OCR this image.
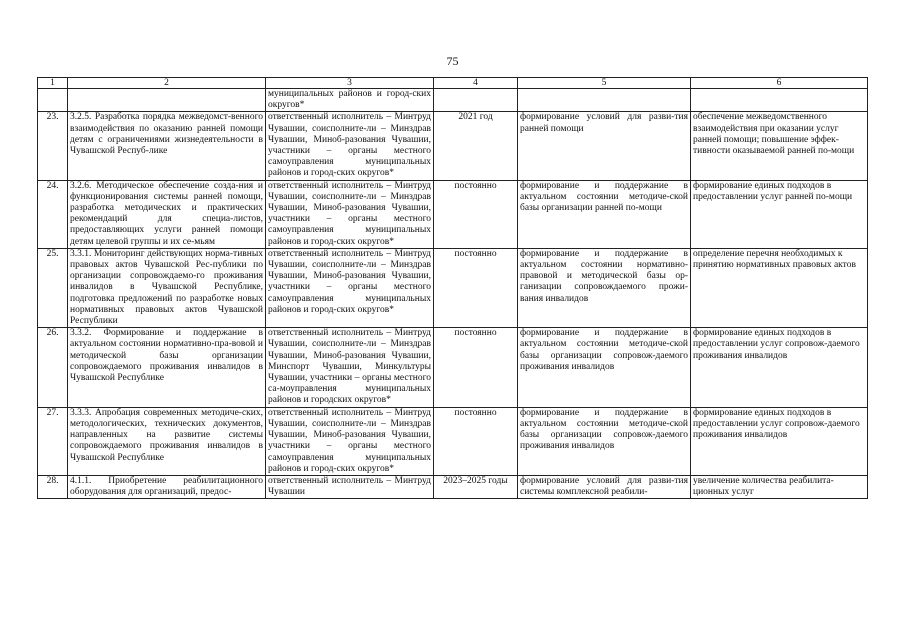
75
1	2	3	4	5	6
		муниципальных районов и город-ских округов*			
23.	3.2.5. Разработка порядка межведомст-венного взаимодействия по оказанию ранней помощи детям с ограничениями жизнедеятельности в Чувашской Респуб-лике	ответственный исполнитель – Минтруд Чувашии, соисполните-ли – Минздрав Чувашии, Миноб-разования Чувашии, участники – органы местного самоуправления муниципальных районов и город-ских округов*	2021 год	формирование условий для разви-тия ранней помощи	обеспечение межведомственного взаимодействия при оказании услуг ранней помощи; повышение эффек-тивности оказываемой ранней по-мощи
24.	3.2.6. Методическое обеспечение созда-ния и функционирования системы ранней помощи, разработка методических и практических рекомендаций для специа-листов, предоставляющих услуги ранней помощи детям целевой группы и их се-мьям	ответственный исполнитель – Минтруд Чувашии, соисполните-ли – Минздрав Чувашии, Миноб-разования Чувашии, участники – органы местного самоуправления муниципальных районов и город-ских округов*	постоянно	формирование и поддержание в актуальном состоянии методиче-ской базы организации ранней по-мощи	формирование единых подходов в предоставлении услуг ранней по-мощи
25.	3.3.1. Мониторинг действующих норма-тивных правовых актов Чувашской Рес-публики по организации сопровождаемо-го проживания инвалидов в Чувашской Республике, подготовка предложений по разработке новых нормативных правовых актов Чувашской Республики	ответственный исполнитель – Минтруд Чувашии, соисполните-ли – Минздрав Чувашии, Миноб-разования Чувашии, участники – органы местного самоуправления муниципальных районов и город-ских округов*	постоянно	формирование и поддержание в актуальном состоянии нормативно-правовой и методической базы ор-ганизации сопровождаемого прожи-вания инвалидов	определение перечня необходимых к принятию нормативных правовых актов
26.	3.3.2. Формирование и поддержание в актуальном состоянии нормативно-пра-вовой и методической базы организации сопровождаемого проживания инвалидов в Чувашской Республике	ответственный исполнитель – Минтруд Чувашии, соисполните-ли – Минздрав Чувашии, Миноб-разования Чувашии, Минспорт Чувашии, Минкультуры Чувашии, участники – органы местного са-моуправления муниципальных районов и городских округов*	постоянно	формирование и поддержание в актуальном состоянии методиче-ской базы организации сопровож-даемого проживания инвалидов	формирование единых подходов в предоставлении услуг сопровож-даемого проживания инвалидов
27.	3.3.3. Апробация современных методиче-ских, методологических, технических документов, направленных на развитие системы сопровождаемого проживания инвалидов в Чувашской Республике	ответственный исполнитель – Минтруд Чувашии, соисполните-ли – Минздрав Чувашии, Миноб-разования Чувашии, участники – органы местного самоуправления муниципальных районов и город-ских округов*	постоянно	формирование и поддержание в актуальном состоянии методиче-ской базы организации сопровож-даемого проживания инвалидов	формирование единых подходов в предоставлении услуг сопровож-даемого проживания инвалидов
28.	4.1.1. Приобретение реабилитационного оборудования для организаций, предос-	ответственный исполнитель – Минтруд Чувашии	2023–2025 годы	формирование условий для разви-тия системы комплексной реабили-	увеличение количества реабилита-ционных услуг
